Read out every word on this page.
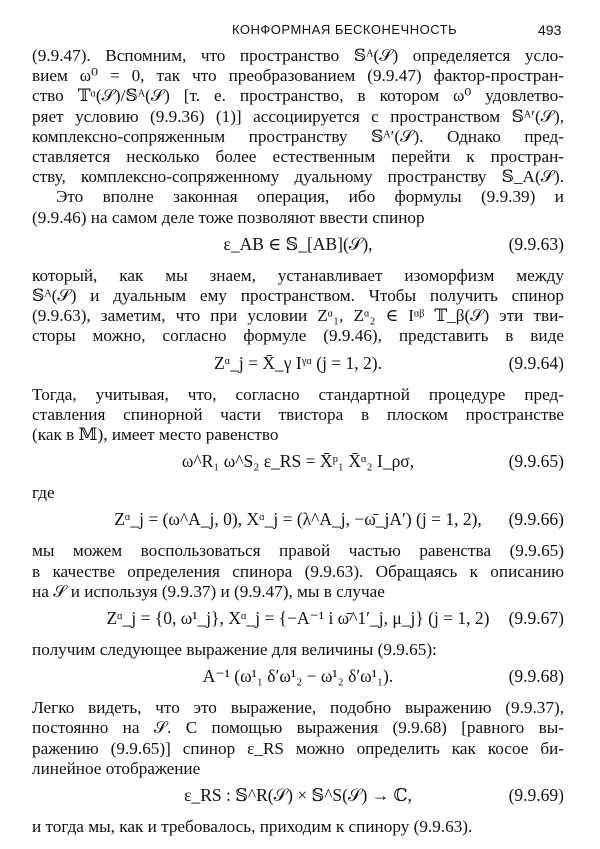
КОНФОРМНАЯ БЕСКОНЕЧНОСТЬ	493
(9.9.47). Вспомним, что пространство 𝕊ᴬ(𝒮) определяется усло-
вием ω⁰ = 0, так что преобразованием (9.9.47) фактор-простран-
ство 𝕋ᵅ(𝒮)/𝕊ᴬ(𝒮) [т. е. пространство, в котором ω⁰ удовлетво-
ряет условию (9.9.36) (1)] ассоциируется с пространством 𝕊ᴬ′(𝒮),
комплексно-сопряженным пространству 𝕊ᴬ′(𝒮). Однако пред-
ставляется несколько более естественным перейти к простран-
ству, комплексно-сопряженному дуальному пространству 𝕊_A(𝒮).
Это вполне законная операция, ибо формулы (9.9.39) и
(9.9.46) на самом деле тоже позволяют ввести спинор
ε_AB ∈ 𝕊_[AB](𝒮),	(9.9.63)
который, как мы знаем, устанавливает изоморфизм между
𝕊ᴬ(𝒮) и дуальным ему пространством. Чтобы получить спинор
(9.9.63), заметим, что при условии Zᵅ₁, Zᵅ₂ ∈ Iᵅᵝ 𝕋_β(𝒮) эти тви-
сторы можно, согласно формуле (9.9.46), представить в виде
Zᵅ_j = X̄_γ Iᵞᵅ (j = 1, 2).	(9.9.64)
Тогда, учитывая, что, согласно стандартной процедуре пред-
ставления спинорной части твистора в плоском пространстве
(как в 𝕄), имеет место равенство
ω^R₁ ω^S₂ ε_RS = X̄ᵖ₁ X̄ᵅ₂ I_ρσ,	(9.9.65)
где
Zᵅ_j = (ω^A_j, 0), Xᵅ_j = (λ^A_j, −ω̄_jA′) (j = 1, 2), (9.9.66)
мы можем воспользоваться правой частью равенства (9.9.65)
в качестве определения спинора (9.9.63). Обращаясь к описанию
на 𝒮 и используя (9.9.37) и (9.9.47), мы в случае
Zᵅ_j = {0, ω¹_j}, Xᵅ_j = {−A⁻¹ i ω̄^1′_j, μ_j} (j = 1, 2) (9.9.67)
получим следующее выражение для величины (9.9.65):
A⁻¹ (ω¹₁ δ′ω¹₂ − ω¹₂ δ′ω¹₁).	(9.9.68)
Легко видеть, что это выражение, подобно выражению (9.9.37),
постоянно на 𝒮. С помощью выражения (9.9.68) [равного вы-
ражению (9.9.65)] спинор ε_RS можно определить как косое би-
линейное отображение
ε_RS : 𝕊^R(𝒮) × 𝕊^S(𝒮) → ℂ,	(9.9.69)
и тогда мы, как и требовалось, приходим к спинору (9.9.63).
